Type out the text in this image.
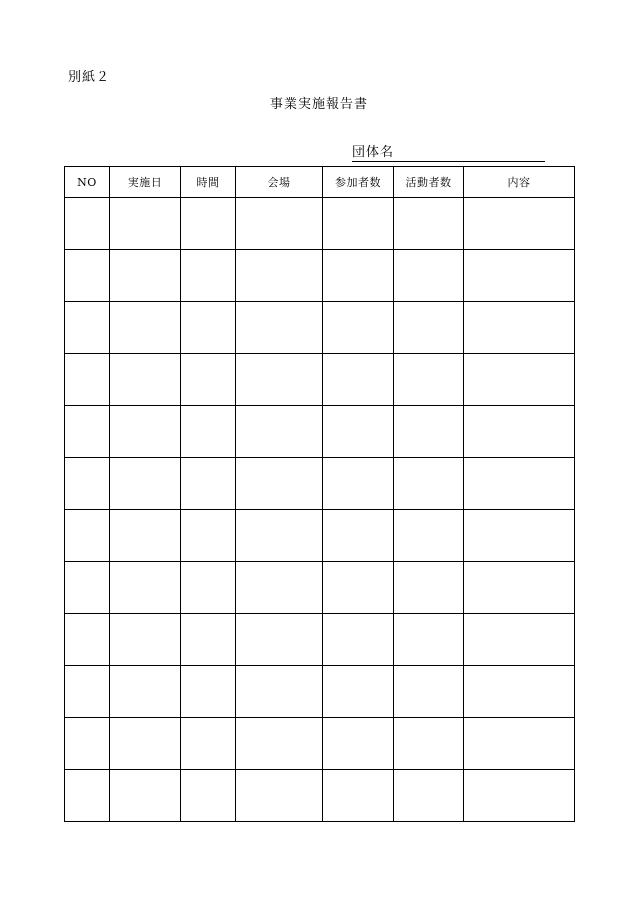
別紙２
事業実施報告書
団体名
NO	実施日	時間	会場	参加者数	活動者数	内容
